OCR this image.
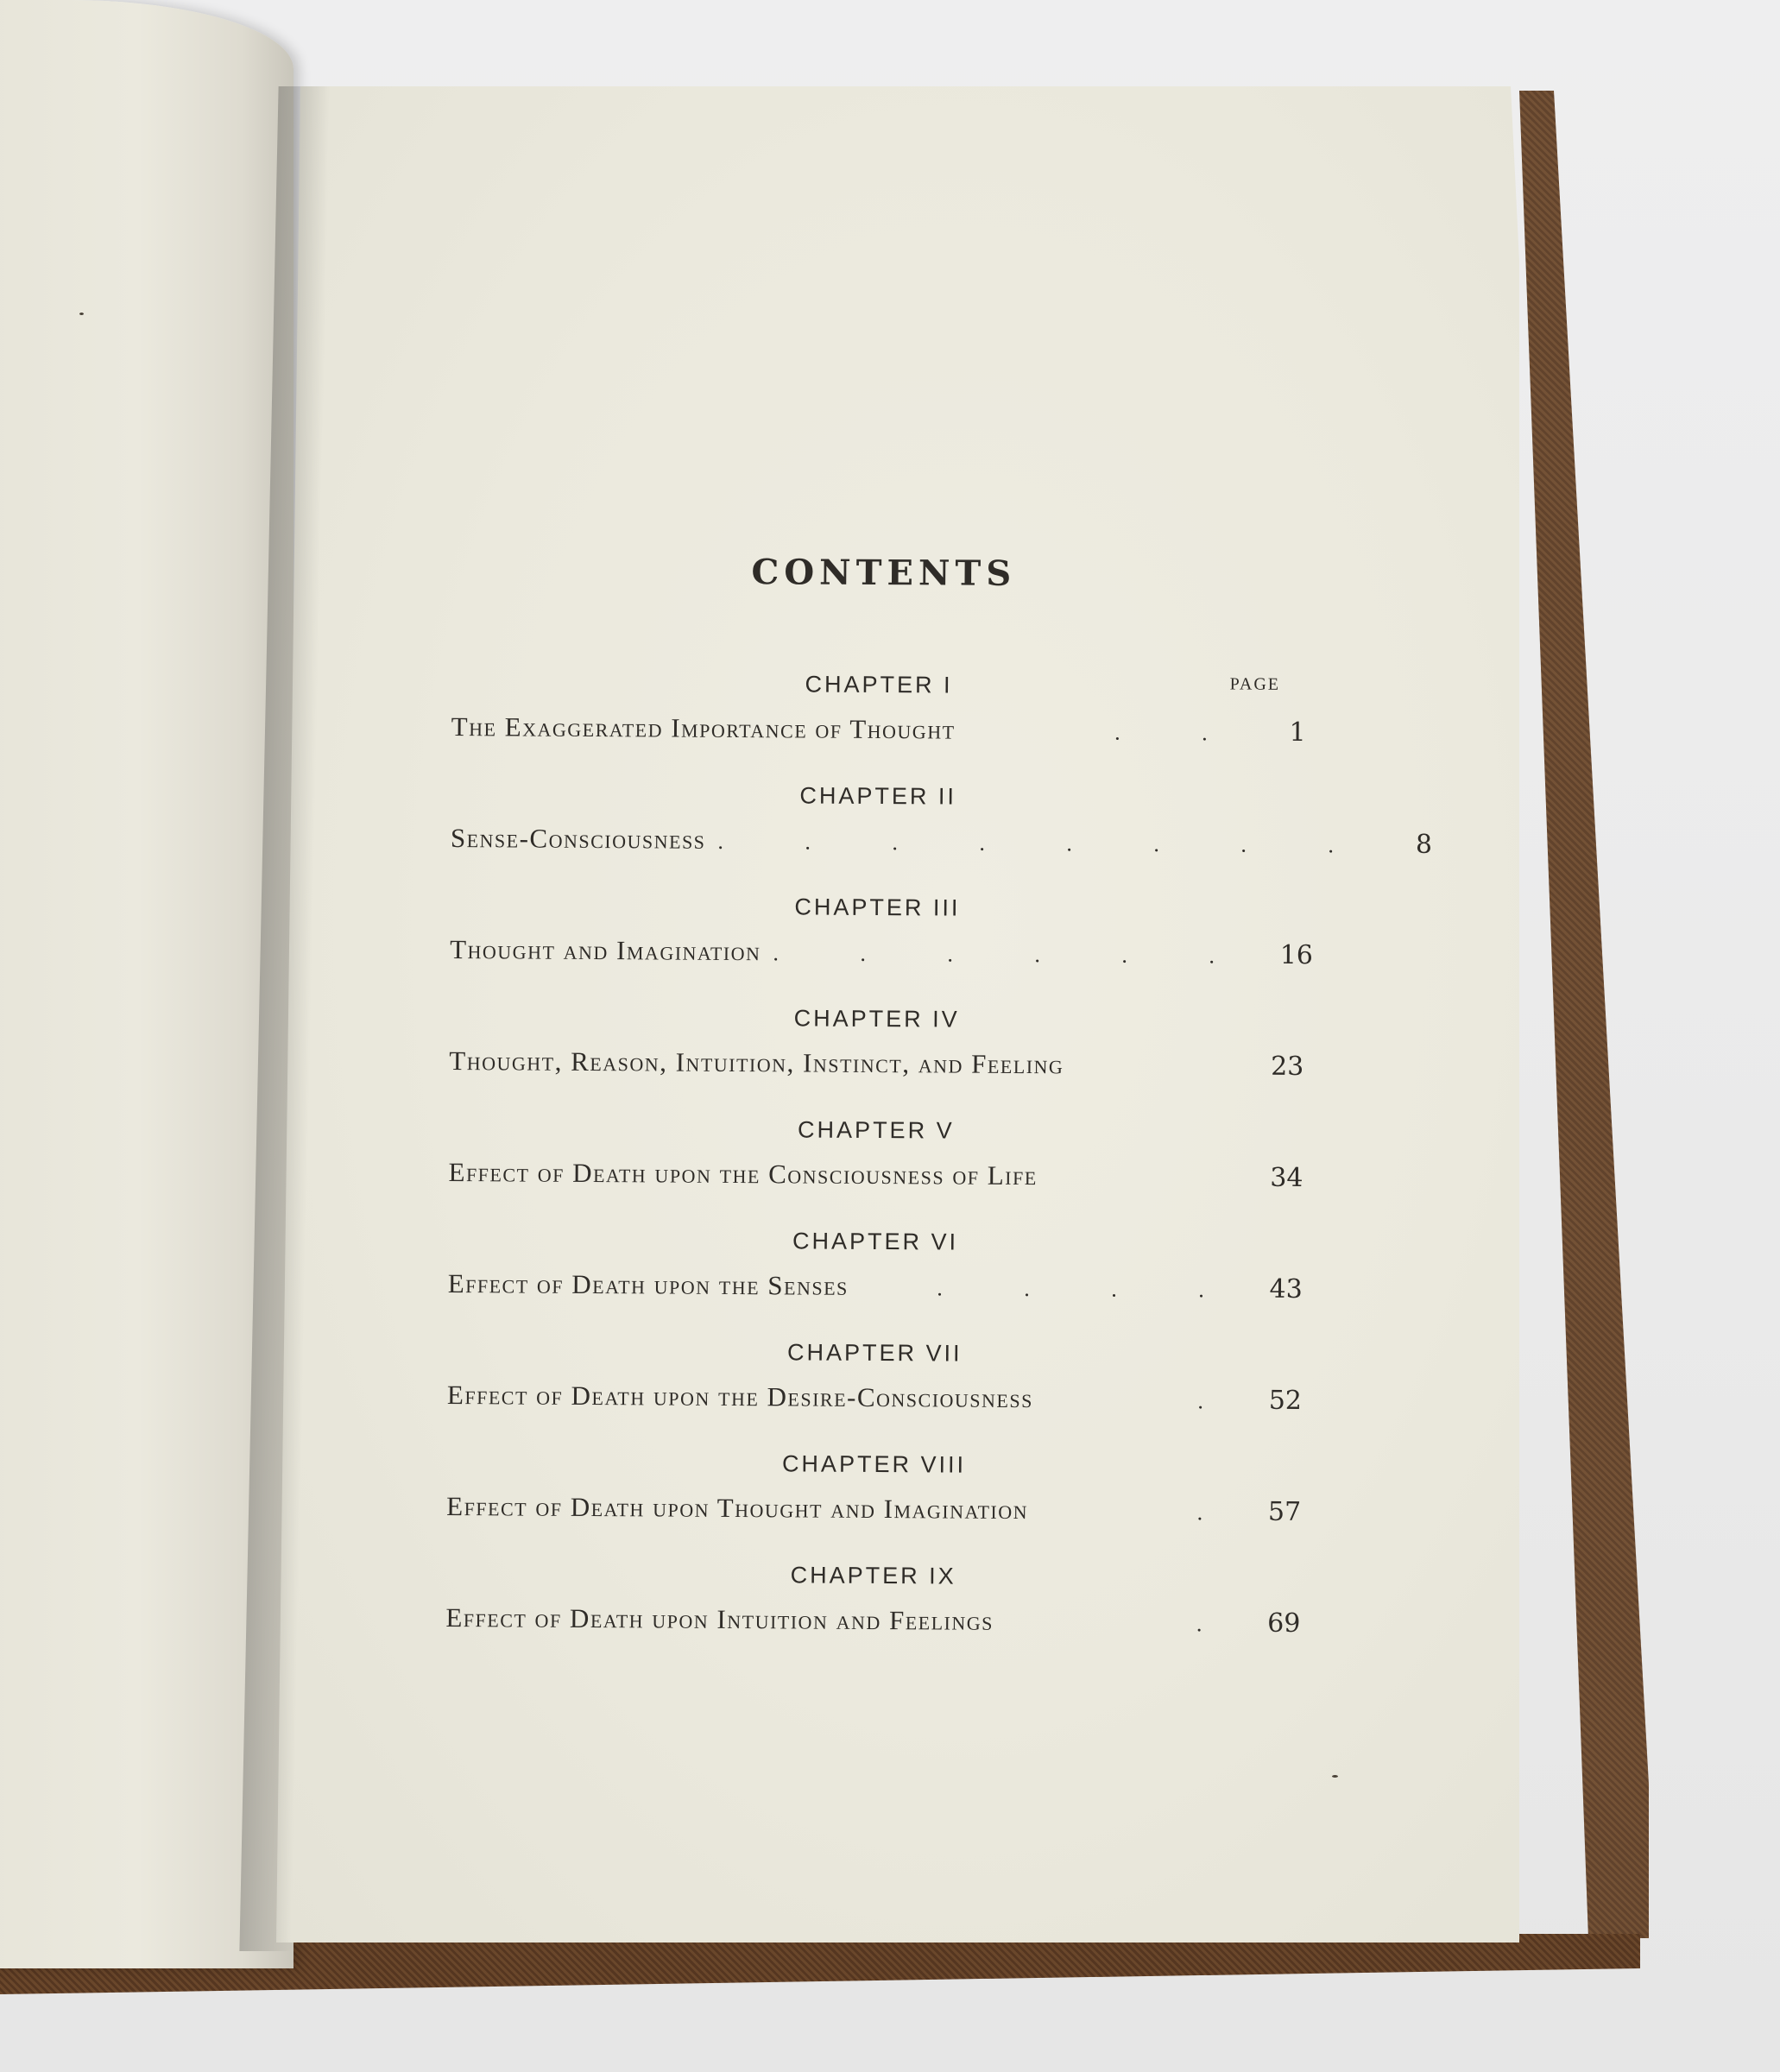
CONTENTS
CHAPTER I	PAGE
The Exaggerated Importance of Thought	. .	1
CHAPTER II
Sense-Consciousness . . . . . . . .	8
CHAPTER III
Thought and Imagination . . . . . .	16
CHAPTER IV
Thought, Reason, Intuition, Instinct, and Feeling	23
CHAPTER V
Effect of Death upon the Consciousness of Life	34
CHAPTER VI
Effect of Death upon the Senses	. . . .	43
CHAPTER VII
Effect of Death upon the Desire-Consciousness	.	52
CHAPTER VIII
Effect of Death upon Thought and Imagination	.	57
CHAPTER IX
Effect of Death upon Intuition and Feelings	.	69
